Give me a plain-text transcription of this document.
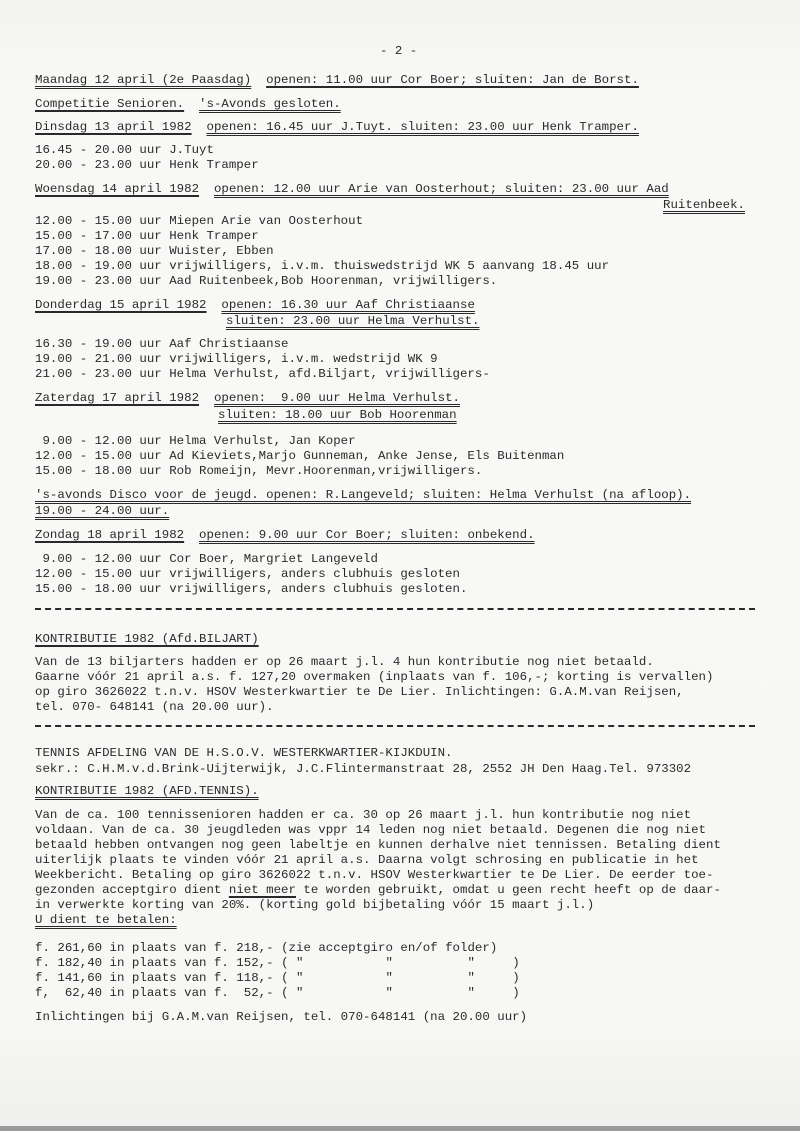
- 2 -
Maandag 12 april (2e Paasdag) openen: 11.00 uur Cor Boer; sluiten: Jan de Borst.
Competitie Senioren. 's-Avonds gesloten.
Dinsdag 13 april 1982 openen: 16.45 uur J.Tuyt. sluiten: 23.00 uur Henk Tramper.
16.45 - 20.00 uur J.Tuyt
20.00 - 23.00 uur Henk Tramper
Woensdag 14 april 1982 openen: 12.00 uur Arie van Oosterhout; sluiten: 23.00 uur Aad
Ruitenbeek.
12.00 - 15.00 uur Miepen Arie van Oosterhout
15.00 - 17.00 uur Henk Tramper
17.00 - 18.00 uur Wuister, Ebben
18.00 - 19.00 uur vrijwilligers, i.v.m. thuiswedstrijd WK 5 aanvang 18.45 uur
19.00 - 23.00 uur Aad Ruitenbeek,Bob Hoorenman, vrijwilligers.
Donderdag 15 april 1982 openen: 16.30 uur Aaf Christiaanse
sluiten: 23.00 uur Helma Verhulst.
16.30 - 19.00 uur Aaf Christiaanse
19.00 - 21.00 uur vrijwilligers, i.v.m. wedstrijd WK 9
21.00 - 23.00 uur Helma Verhulst, afd.Biljart, vrijwilligers-
Zaterdag 17 april 1982 openen:  9.00 uur Helma Verhulst.
sluiten: 18.00 uur Bob Hoorenman
9.00 - 12.00 uur Helma Verhulst, Jan Koper
12.00 - 15.00 uur Ad Kieviets,Marjo Gunneman, Anke Jense, Els Buitenman
15.00 - 18.00 uur Rob Romeijn, Mevr.Hoorenman,vrijwilligers.
's-avonds Disco voor de jeugd. openen: R.Langeveld; sluiten: Helma Verhulst (na afloop).
19.00 - 24.00 uur.
Zondag 18 april 1982 openen: 9.00 uur Cor Boer; sluiten: onbekend.
9.00 - 12.00 uur Cor Boer, Margriet Langeveld
12.00 - 15.00 uur vrijwilligers, anders clubhuis gesloten
15.00 - 18.00 uur vrijwilligers, anders clubhuis gesloten.
KONTRIBUTIE 1982 (Afd.BILJART)
Van de 13 biljarters hadden er op 26 maart j.l. 4 hun kontributie nog niet betaald.
Gaarne vóór 21 april a.s. f. 127,20 overmaken (inplaats van f. 106,-; korting is vervallen)
op giro 3626022 t.n.v. HSOV Westerkwartier te De Lier. Inlichtingen: G.A.M.van Reijsen,
tel. 070- 648141 (na 20.00 uur).
TENNIS AFDELING VAN DE H.S.O.V. WESTERKWARTIER-KIJKDUIN.
sekr.: C.H.M.v.d.Brink-Uijterwijk, J.C.Flintermanstraat 28, 2552 JH Den Haag.Tel. 973302
KONTRIBUTIE 1982 (AFD.TENNIS).
Van de ca. 100 tennissenioren hadden er ca. 30 op 26 maart j.l. hun kontributie nog niet
voldaan. Van de ca. 30 jeugdleden was vppr 14 leden nog niet betaald. Degenen die nog niet
betaald hebben ontvangen nog geen labeltje en kunnen derhalve niet tennissen. Betaling dient
uiterlijk plaats te vinden vóór 21 april a.s. Daarna volgt schrosing en publicatie in het
Weekbericht. Betaling op giro 3626022 t.n.v. HSOV Westerkwartier te De Lier. De eerder toe-
gezonden acceptgiro dient niet meer te worden gebruikt, omdat u geen recht heeft op de daar-
in verwerkte korting van 20%. (korting gold bijbetaling vóór 15 maart j.l.)
U dient te betalen:
f. 261,60 in plaats van f. 218,- (zie acceptgiro en/of folder)
f. 182,40 in plaats van f. 152,- ( "           "          "	)
f. 141,60 in plaats van f. 118,- ( "           "          "	)
f,  62,40 in plaats van f.  52,- ( "           "          "	)
Inlichtingen bij G.A.M.van Reijsen, tel. 070-648141 (na 20.00 uur)
